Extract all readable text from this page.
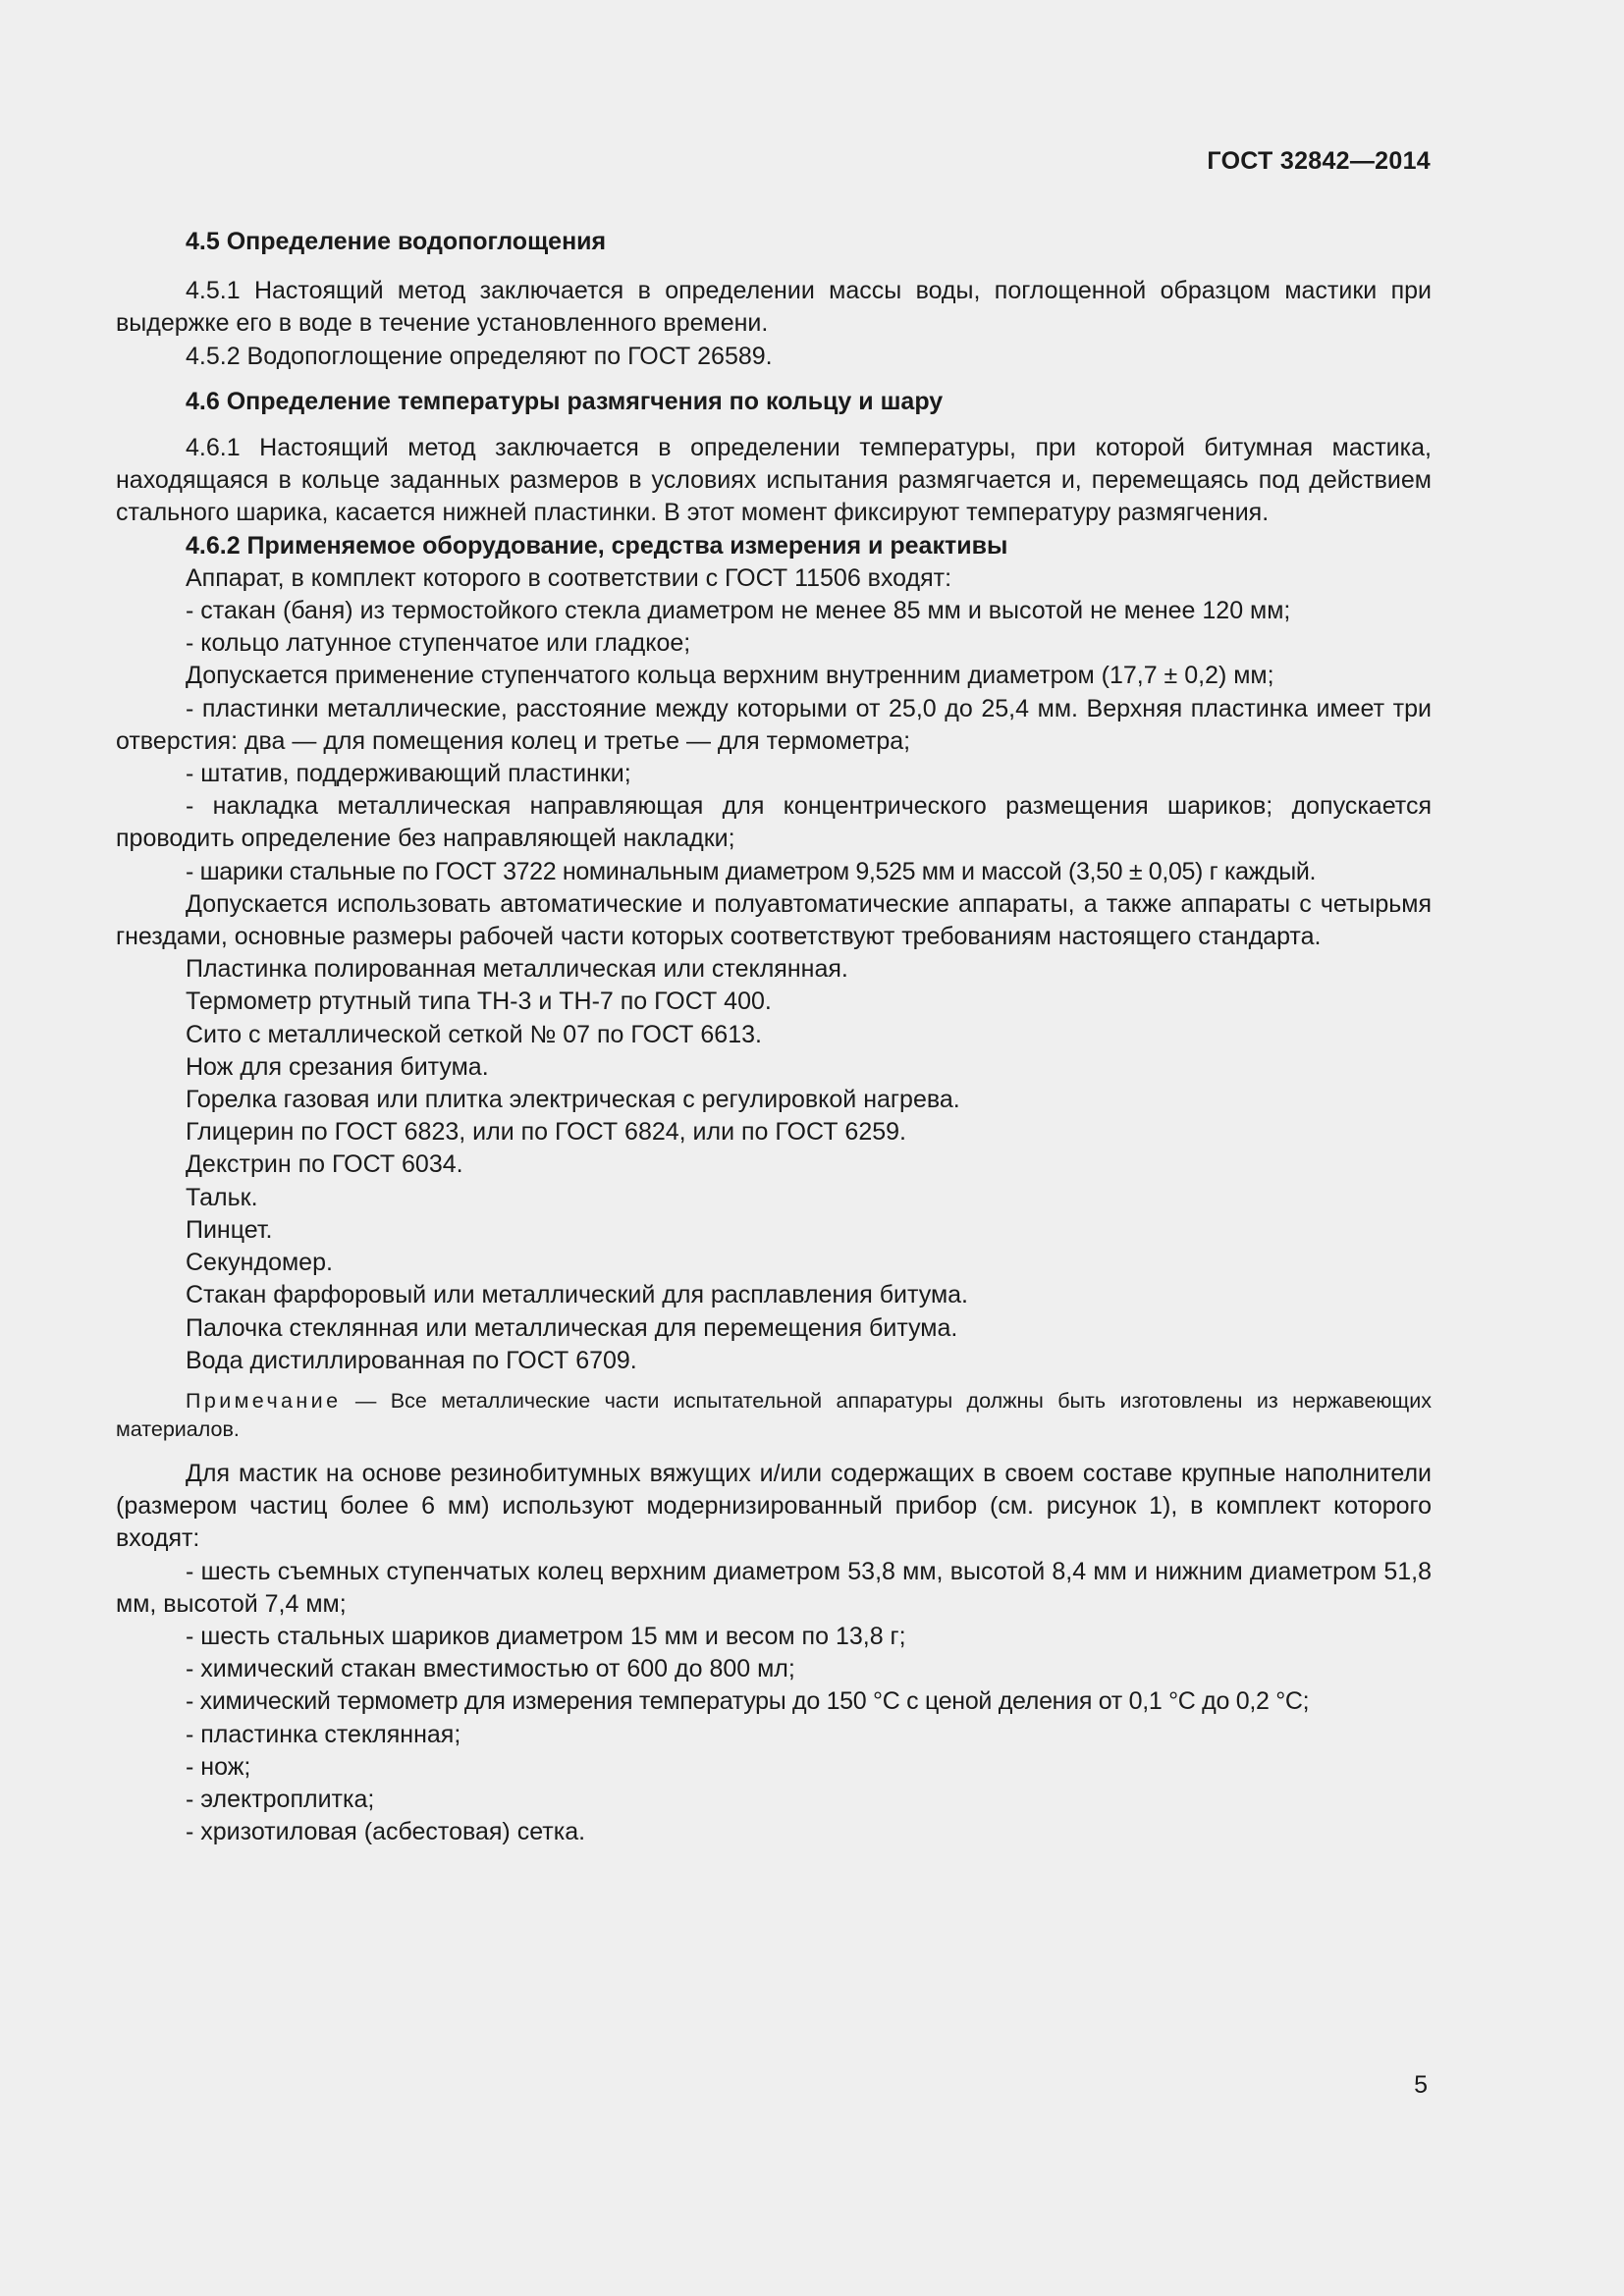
ГОСТ 32842—2014

4.5 Определение водопоглощения

4.5.1 Настоящий метод заключается в определении массы воды, поглощенной образцом мастики при выдержке его в воде в течение установленного времени.

4.5.2 Водопоглощение определяют по ГОСТ 26589.

4.6 Определение температуры размягчения по кольцу и шару

4.6.1 Настоящий метод заключается в определении температуры, при которой битумная мастика, находящаяся в кольце заданных размеров в условиях испытания размягчается и, перемещаясь под действием стального шарика, касается нижней пластинки. В этот момент фиксируют температуру размягчения.

4.6.2 Применяемое оборудование, средства измерения и реактивы

Аппарат, в комплект которого в соответствии с ГОСТ 11506 входят:

- стакан (баня) из термостойкого стекла диаметром не менее 85 мм и высотой не менее 120 мм;

- кольцо латунное ступенчатое или гладкое;

Допускается применение ступенчатого кольца верхним внутренним диаметром (17,7 ± 0,2) мм;

- пластинки металлические, расстояние между которыми от 25,0 до 25,4 мм. Верхняя пластинка имеет три отверстия: два — для помещения колец и третье — для термометра;

- штатив, поддерживающий пластинки;

- накладка металлическая направляющая для концентрического размещения шариков; допускается проводить определение без направляющей накладки;

- шарики стальные по ГОСТ 3722 номинальным диаметром 9,525 мм и массой (3,50 ± 0,05) г каждый.

Допускается использовать автоматические и полуавтоматические аппараты, а также аппараты с четырьмя гнездами, основные размеры рабочей части которых соответствуют требованиям настоящего стандарта.

Пластинка полированная металлическая или стеклянная.

Термометр ртутный типа ТН-3 и ТН-7 по ГОСТ 400.

Сито с металлической сеткой № 07 по ГОСТ 6613.

Нож для срезания битума.

Горелка газовая или плитка электрическая с регулировкой нагрева.

Глицерин по ГОСТ 6823, или по ГОСТ 6824, или по ГОСТ 6259.

Декстрин по ГОСТ 6034.

Тальк.

Пинцет.

Секундомер.

Стакан фарфоровый или металлический для расплавления битума.

Палочка стеклянная или металлическая для перемещения битума.

Вода дистиллированная по ГОСТ 6709.

Примечание — Все металлические части испытательной аппаратуры должны быть изготовлены из нержавеющих материалов.

Для мастик на основе резинобитумных вяжущих и/или содержащих в своем составе крупные наполнители (размером частиц более 6 мм) используют модернизированный прибор (см. рисунок 1), в комплект которого входят:

- шесть съемных ступенчатых колец верхним диаметром 53,8 мм, высотой 8,4 мм и нижним диаметром 51,8 мм, высотой 7,4 мм;

- шесть стальных шариков диаметром 15 мм и весом по 13,8 г;

- химический стакан вместимостью от 600 до 800 мл;

- химический термометр для измерения температуры до 150 °С с ценой деления от 0,1 °С до 0,2 °С;

- пластинка стеклянная;

- нож;

- электроплитка;

- хризотиловая (асбестовая) сетка.

5
